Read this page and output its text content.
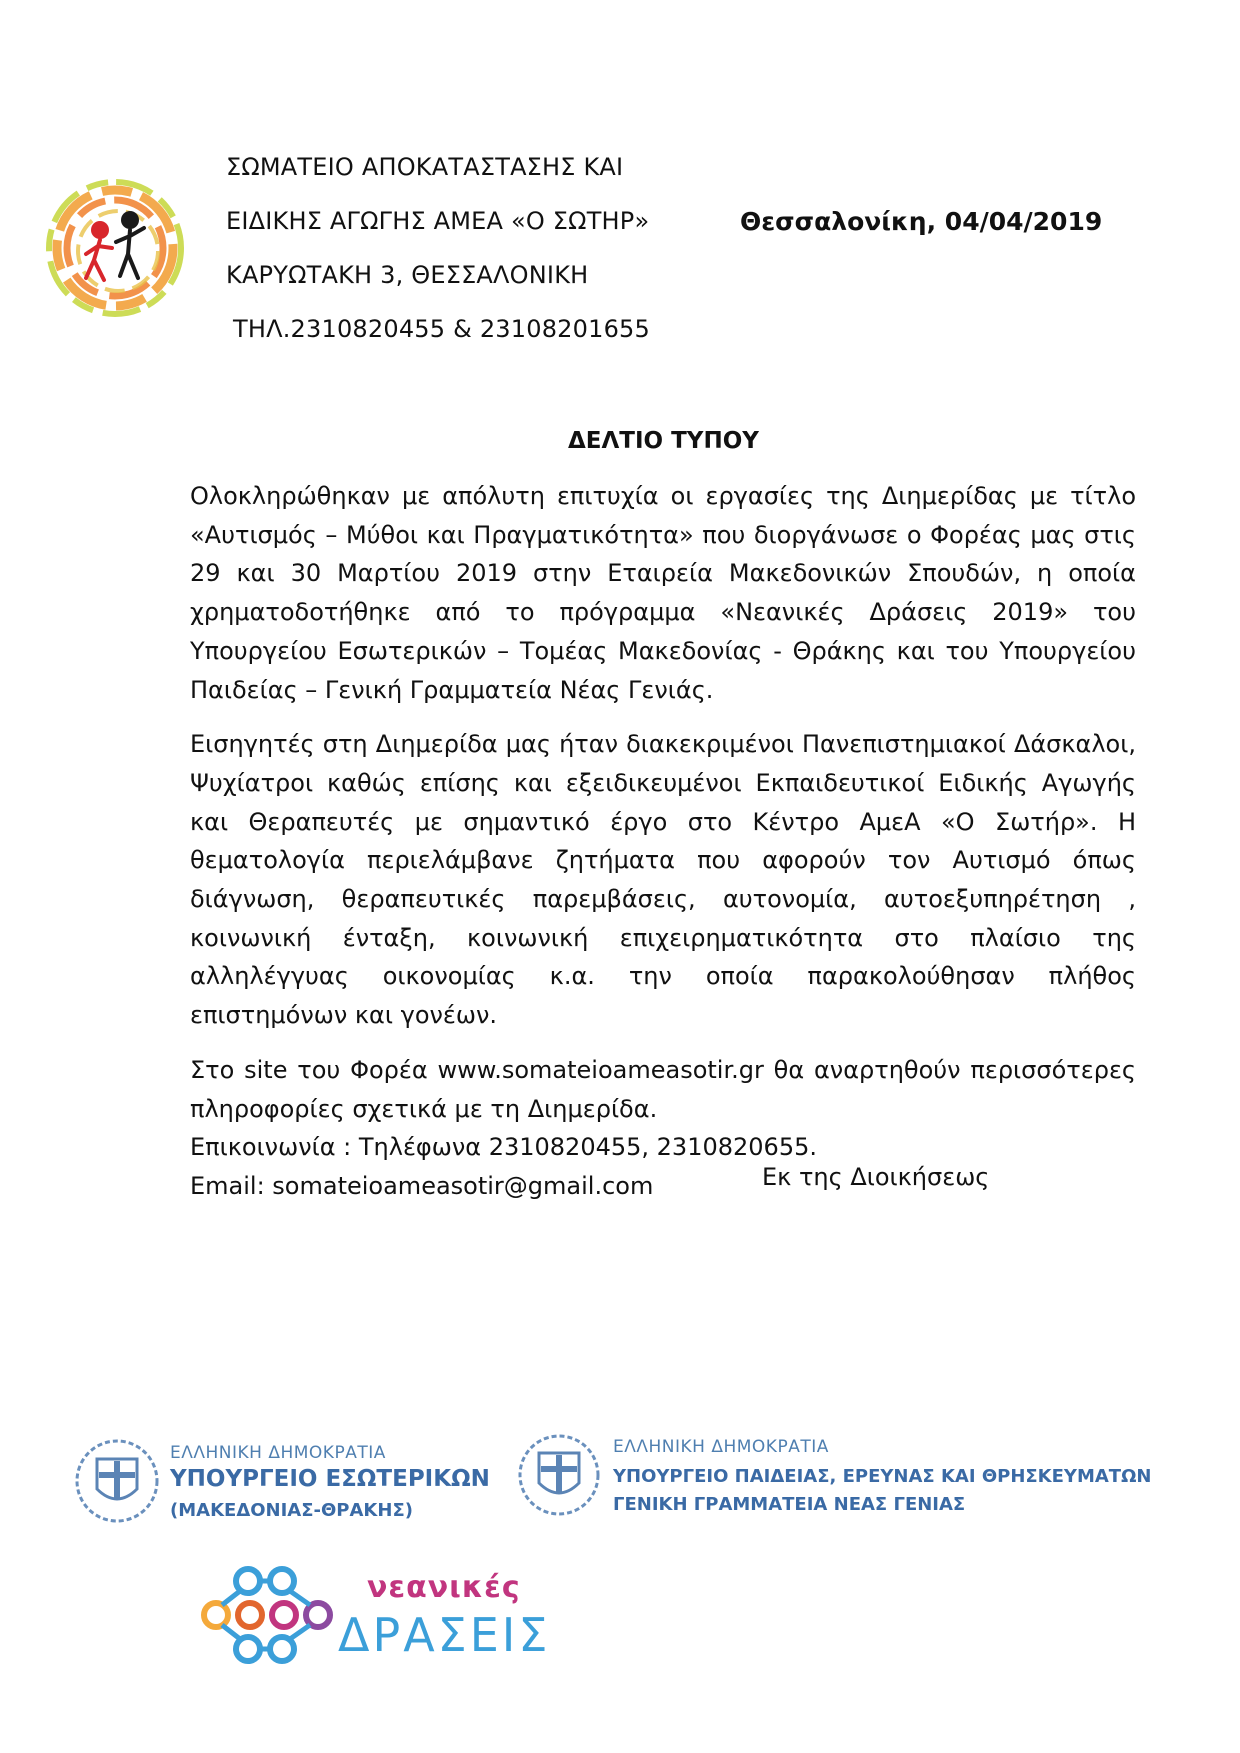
ΣΩΜΑΤΕΙΟ ΑΠΟΚΑΤΑΣΤΑΣΗΣ ΚΑΙ
ΕΙΔΙΚΗΣ ΑΓΩΓΗΣ ΑΜΕΑ «Ο ΣΩΤΗΡ»
ΚΑΡΥΩΤΑΚΗ 3, ΘΕΣΣΑΛΟΝΙΚΗ
ΤΗΛ.2310820455 & 23108201655
Θεσσαλονίκη, 04/04/2019
ΔΕΛΤΙΟ ΤΥΠΟΥ

Ολοκληρώθηκαν με απόλυτη επιτυχία οι εργασίες της Διημερίδας με τίτλο «Αυτισμός – Μύθοι και Πραγματικότητα» που διοργάνωσε ο Φορέας μας στις 29 και 30 Μαρτίου 2019 στην Εταιρεία Μακεδονικών Σπουδών, η οποία χρηματοδοτήθηκε από το πρόγραμμα «Νεανικές Δράσεις 2019» του Υπουργείου Εσωτερικών – Τομέας Μακεδονίας - Θράκης και του Υπουργείου Παιδείας – Γενική Γραμματεία Νέας Γενιάς.

Εισηγητές στη Διημερίδα μας ήταν διακεκριμένοι Πανεπιστημιακοί Δάσκαλοι, Ψυχίατροι καθώς επίσης και εξειδικευμένοι Εκπαιδευτικοί Ειδικής Αγωγής και Θεραπευτές με σημαντικό έργο στο Κέντρο ΑμεΑ «Ο Σωτήρ». Η θεματολογία περιελάμβανε ζητήματα που αφορούν τον Αυτισμό όπως διάγνωση, θεραπευτικές παρεμβάσεις, αυτονομία, αυτοεξυπηρέτηση , κοινωνική ένταξη, κοινωνική επιχειρηματικότητα στο πλαίσιο της αλληλέγγυας οικονομίας κ.α. την οποία παρακολούθησαν πλήθος επιστημόνων και γονέων.

Στο site του Φορέα www.somateioameasotir.gr θα αναρτηθούν περισσότερες πληροφορίες σχετικά με τη Διημερίδα.

Επικοινωνία : Τηλέφωνα 2310820455, 2310820655.
Email: somateioameasotir@gmail.com	Εκ της Διοικήσεως
ΕΛΛΗΝΙΚΗ ΔΗΜΟΚΡΑΤΙΑ
ΥΠΟΥΡΓΕΙΟ ΕΣΩΤΕΡΙΚΩΝ
(ΜΑΚΕΔΟΝΙΑΣ-ΘΡΑΚΗΣ)
ΕΛΛΗΝΙΚΗ ΔΗΜΟΚΡΑΤΙΑ
ΥΠΟΥΡΓΕΙΟ ΠΑΙΔΕΙΑΣ, ΕΡΕΥΝΑΣ ΚΑΙ ΘΡΗΣΚΕΥΜΑΤΩΝ
ΓΕΝΙΚΗ ΓΡΑΜΜΑΤΕΙΑ ΝΕΑΣ ΓΕΝΙΑΣ
νεανικές
ΔΡΑΣΕΙΣ
